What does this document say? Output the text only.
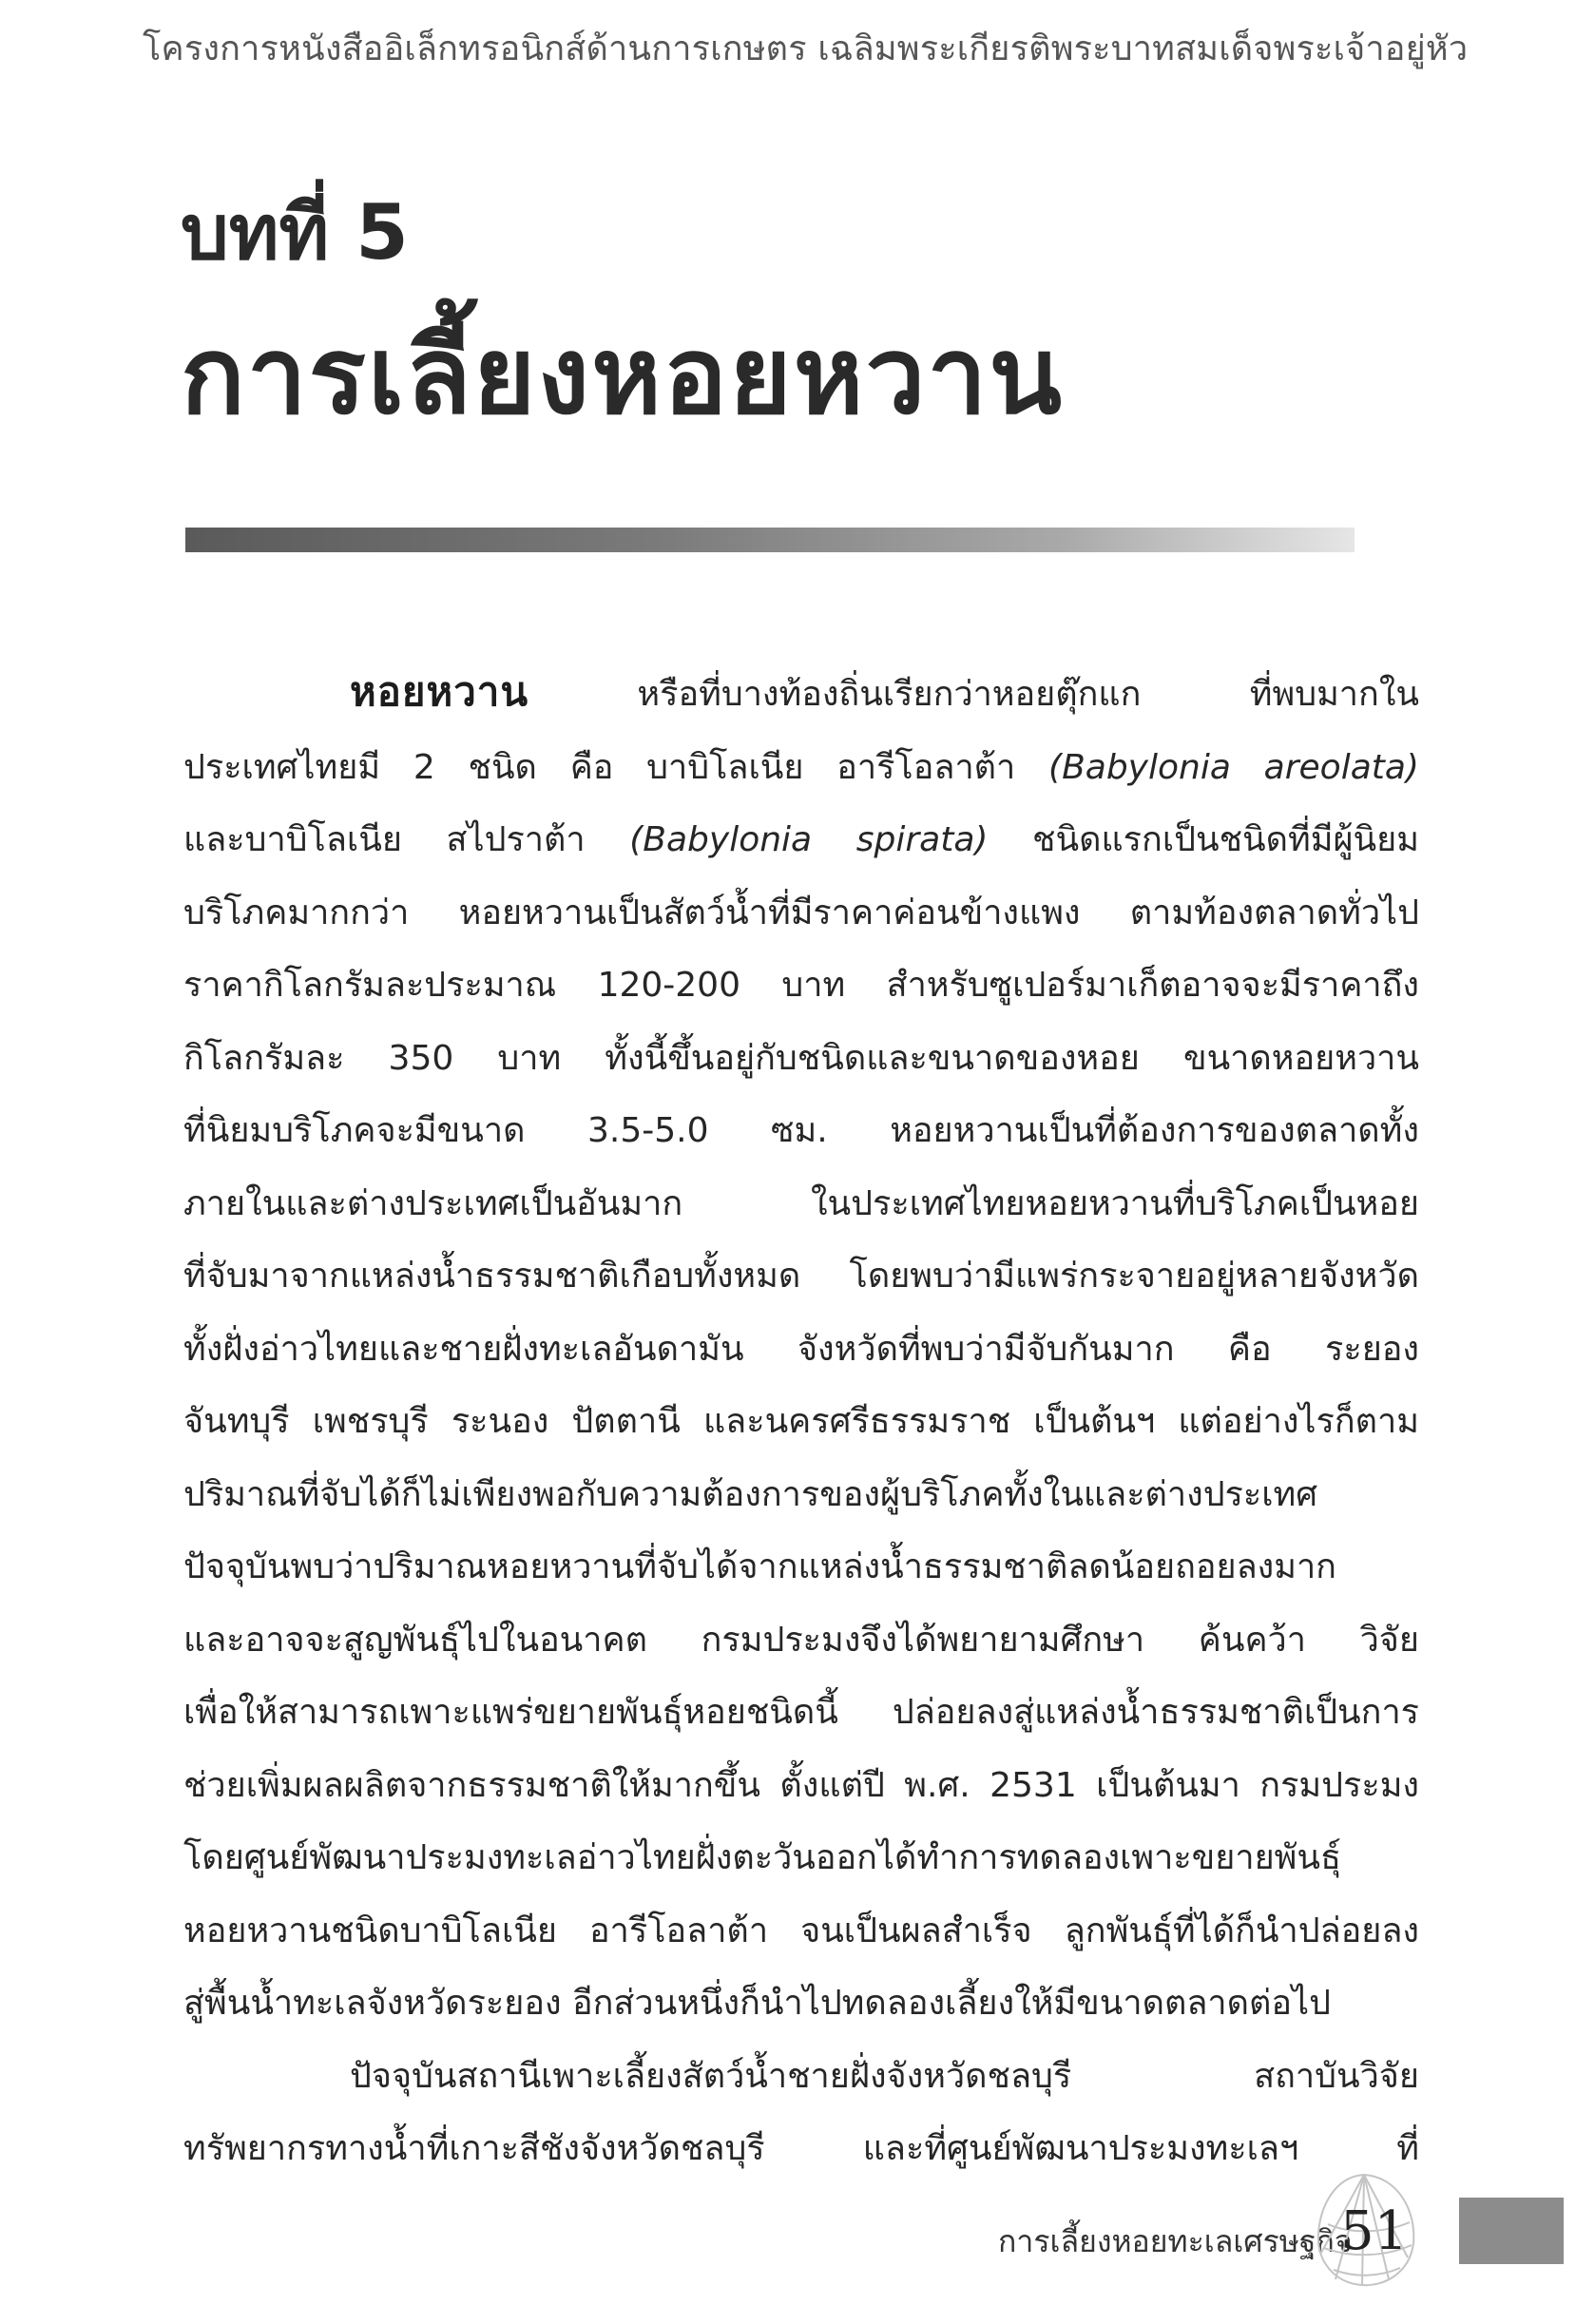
โครงการหนังสืออิเล็กทรอนิกส์ด้านการเกษตร เฉลิมพระเกียรติพระบาทสมเด็จพระเจ้าอยู่หัว
บทที่ 5
การเลี้ยงหอยหวาน
หอยหวาน หรือที่บางท้องถิ่นเรียกว่าหอยตุ๊กแก ที่พบมากใน
ประเทศไทยมี 2 ชนิด คือ บาบิโลเนีย อารีโอลาต้า (Babylonia areolata)
และบาบิโลเนีย สไปราต้า (Babylonia spirata) ชนิดแรกเป็นชนิดที่มีผู้นิยม
บริโภคมากกว่า หอยหวานเป็นสัตว์น้ำที่มีราคาค่อนข้างแพง ตามท้องตลาดทั่วไป
ราคากิโลกรัมละประมาณ 120-200 บาท สำหรับซูเปอร์มาเก็ตอาจจะมีราคาถึง
กิโลกรัมละ 350 บาท ทั้งนี้ขึ้นอยู่กับชนิดและขนาดของหอย ขนาดหอยหวาน
ที่นิยมบริโภคจะมีขนาด 3.5-5.0 ซม. หอยหวานเป็นที่ต้องการของตลาดทั้ง
ภายในและต่างประเทศเป็นอันมาก ในประเทศไทยหอยหวานที่บริโภคเป็นหอย
ที่จับมาจากแหล่งน้ำธรรมชาติเกือบทั้งหมด โดยพบว่ามีแพร่กระจายอยู่หลายจังหวัด
ทั้งฝั่งอ่าวไทยและชายฝั่งทะเลอันดามัน จังหวัดที่พบว่ามีจับกันมาก คือ ระยอง
จันทบุรี เพชรบุรี ระนอง ปัตตานี และนครศรีธรรมราช เป็นต้นฯ แต่อย่างไรก็ตาม
ปริมาณที่จับได้ก็ไม่เพียงพอกับความต้องการของผู้บริโภคทั้งในและต่างประเทศ
ปัจจุบันพบว่าปริมาณหอยหวานที่จับได้จากแหล่งน้ำธรรมชาติลดน้อยถอยลงมาก
และอาจจะสูญพันธุ์ไปในอนาคต กรมประมงจึงได้พยายามศึกษา ค้นคว้า วิจัย
เพื่อให้สามารถเพาะแพร่ขยายพันธุ์หอยชนิดนี้ ปล่อยลงสู่แหล่งน้ำธรรมชาติเป็นการ
ช่วยเพิ่มผลผลิตจากธรรมชาติให้มากขึ้น ตั้งแต่ปี พ.ศ. 2531 เป็นต้นมา กรมประมง
โดยศูนย์พัฒนาประมงทะเลอ่าวไทยฝั่งตะวันออกได้ทำการทดลองเพาะขยายพันธุ์
หอยหวานชนิดบาบิโลเนีย อารีโอลาต้า จนเป็นผลสำเร็จ ลูกพันธุ์ที่ได้ก็นำปล่อยลง
สู่พื้นน้ำทะเลจังหวัดระยอง อีกส่วนหนึ่งก็นำไปทดลองเลี้ยงให้มีขนาดตลาดต่อไป
ปัจจุบันสถานีเพาะเลี้ยงสัตว์น้ำชายฝั่งจังหวัดชลบุรี สถาบันวิจัย
ทรัพยากรทางน้ำที่เกาะสีชังจังหวัดชลบุรี และที่ศูนย์พัฒนาประมงทะเลฯ ที่
การเลี้ยงหอยทะเลเศรษฐกิจ
51
